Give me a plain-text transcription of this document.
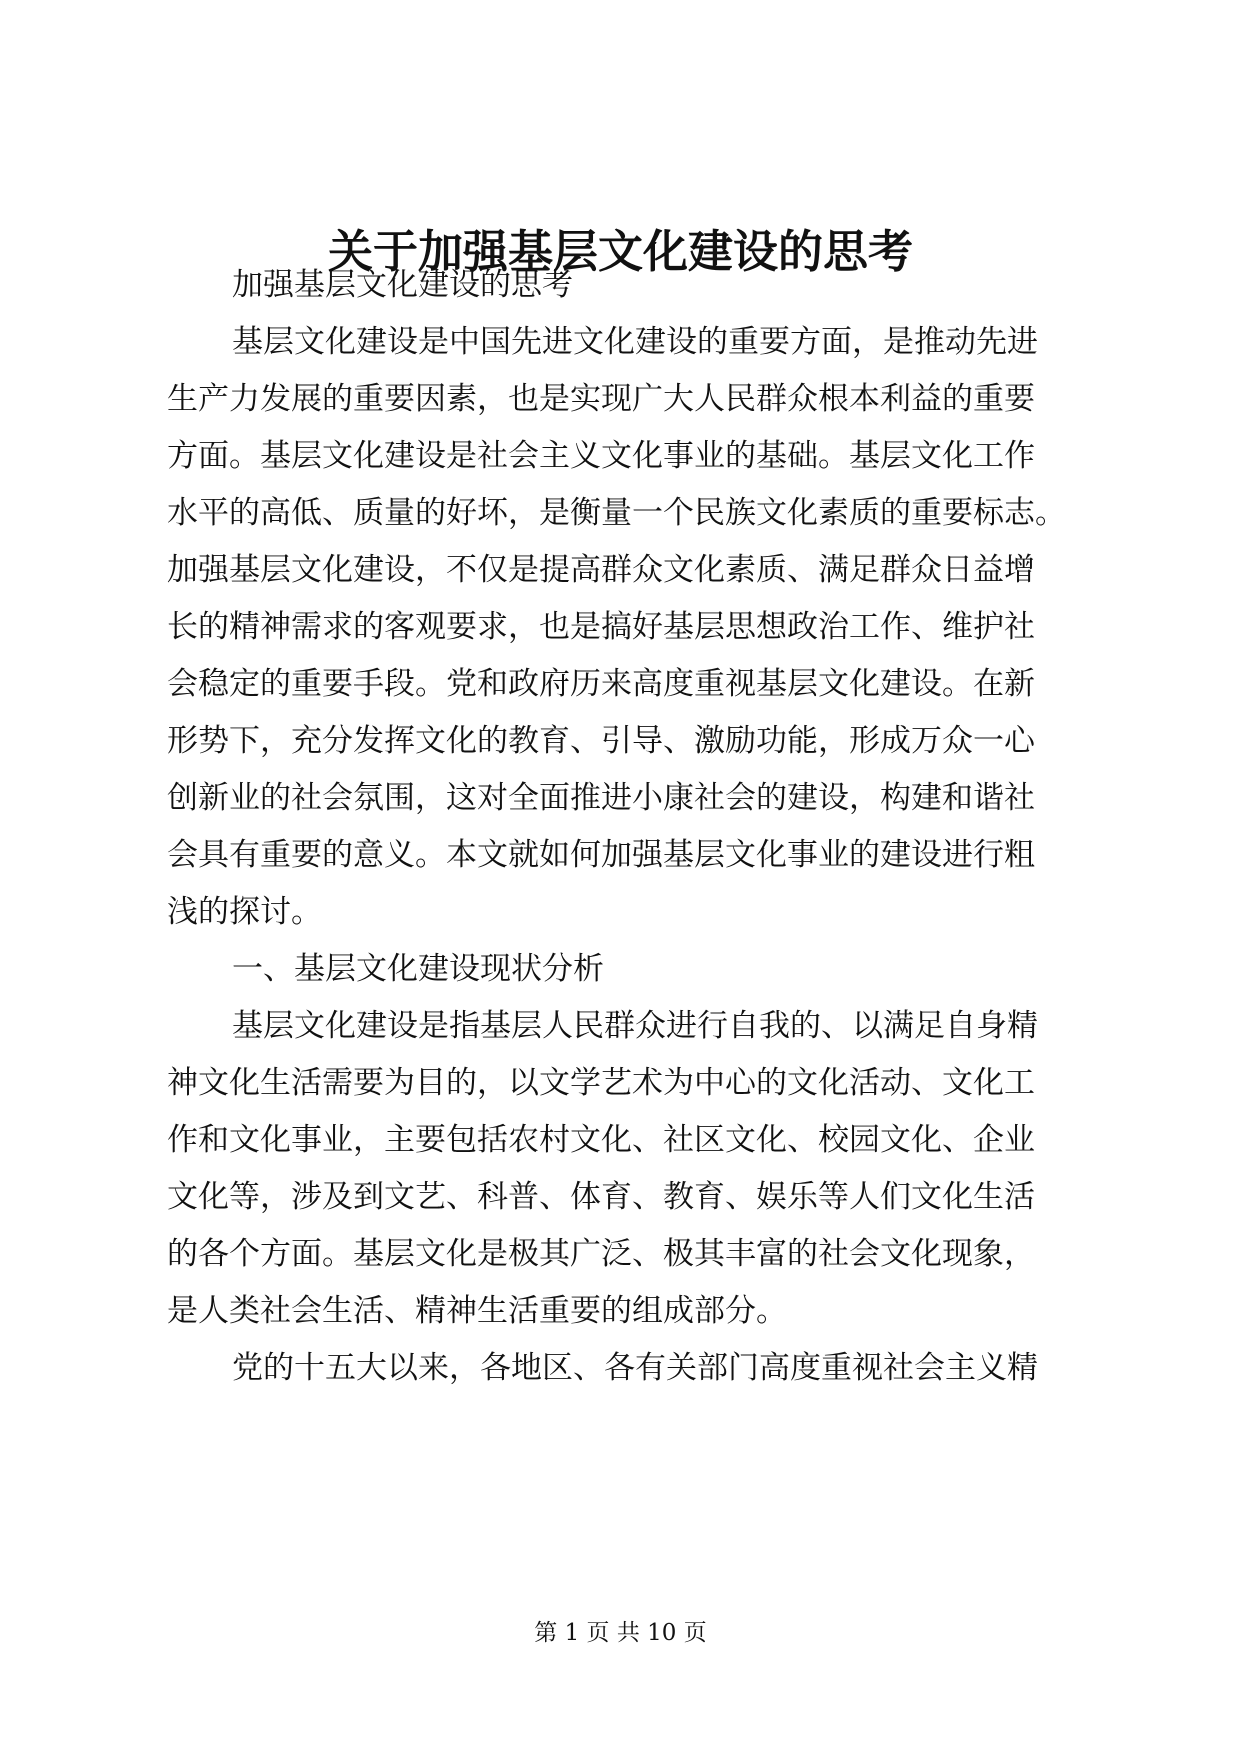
关于加强基层文化建设的思考

加强基层文化建设的思考

基层文化建设是中国先进文化建设的重要方面，是推动先进

生产力发展的重要因素，也是实现广大人民群众根本利益的重要

方面。基层文化建设是社会主义文化事业的基础。基层文化工作

水平的高低、质量的好坏，是衡量一个民族文化素质的重要标志。

加强基层文化建设，不仅是提高群众文化素质、满足群众日益增

长的精神需求的客观要求，也是搞好基层思想政治工作、维护社

会稳定的重要手段。党和政府历来高度重视基层文化建设。在新

形势下，充分发挥文化的教育、引导、激励功能，形成万众一心

创新业的社会氛围，这对全面推进小康社会的建设，构建和谐社

会具有重要的意义。本文就如何加强基层文化事业的建设进行粗

浅的探讨。

一、基层文化建设现状分析

基层文化建设是指基层人民群众进行自我的、以满足自身精

神文化生活需要为目的，以文学艺术为中心的文化活动、文化工

作和文化事业，主要包括农村文化、社区文化、校园文化、企业

文化等，涉及到文艺、科普、体育、教育、娱乐等人们文化生活

的各个方面。基层文化是极其广泛、极其丰富的社会文化现象，

是人类社会生活、精神生活重要的组成部分。

党的十五大以来，各地区、各有关部门高度重视社会主义精

第 1 页 共 10 页
